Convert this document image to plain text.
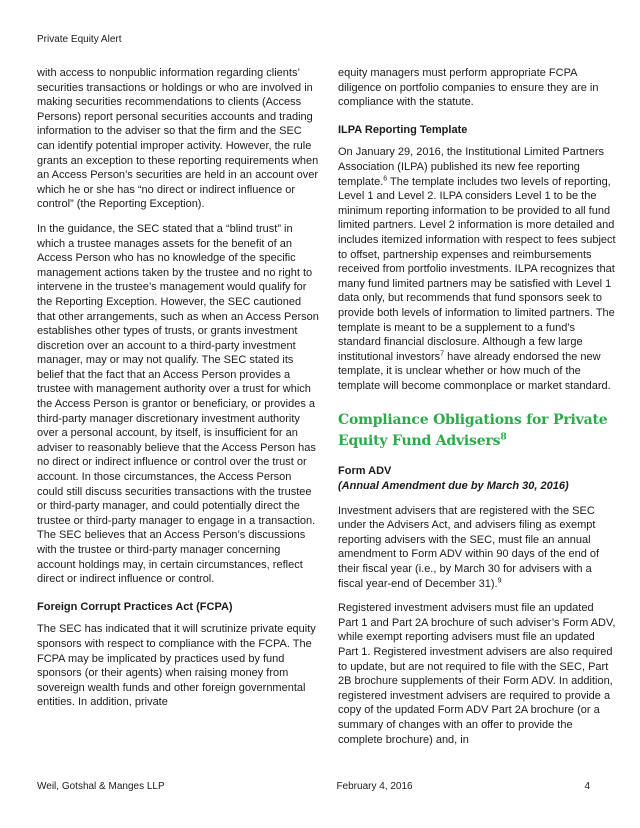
Private Equity Alert

with access to nonpublic information regarding clients’ securities transactions or holdings or who are involved in making securities recommendations to clients (Access Persons) report personal securities accounts and trading information to the adviser so that the firm and the SEC can identify potential improper activity. However, the rule grants an exception to these reporting requirements when an Access Person’s securities are held in an account over which he or she has “no direct or indirect influence or control” (the Reporting Exception).

In the guidance, the SEC stated that a “blind trust” in which a trustee manages assets for the benefit of an Access Person who has no knowledge of the specific management actions taken by the trustee and no right to intervene in the trustee’s management would qualify for the Reporting Exception. However, the SEC cautioned that other arrangements, such as when an Access Person establishes other types of trusts, or grants investment discretion over an account to a third-party investment manager, may or may not qualify. The SEC stated its belief that the fact that an Access Person provides a trustee with management authority over a trust for which the Access Person is grantor or beneficiary, or provides a third-party manager discretionary investment authority over a personal account, by itself, is insufficient for an adviser to reasonably believe that the Access Person has no direct or indirect influence or control over the trust or account. In those circumstances, the Access Person could still discuss securities transactions with the trustee or third-party manager, and could potentially direct the trustee or third-party manager to engage in a transaction. The SEC believes that an Access Person’s discussions with the trustee or third-party manager concerning account holdings may, in certain circumstances, reflect direct or indirect influence or control.

Foreign Corrupt Practices Act (FCPA)

The SEC has indicated that it will scrutinize private equity sponsors with respect to compliance with the FCPA. The FCPA may be implicated by practices used by fund sponsors (or their agents) when raising money from sovereign wealth funds and other foreign governmental entities. In addition, private

equity managers must perform appropriate FCPA diligence on portfolio companies to ensure they are in compliance with the statute.

ILPA Reporting Template

On January 29, 2016, the Institutional Limited Partners Association (ILPA) published its new fee reporting template.$^6$ The template includes two levels of reporting, Level 1 and Level 2. ILPA considers Level 1 to be the minimum reporting information to be provided to all fund limited partners. Level 2 information is more detailed and includes itemized information with respect to fees subject to offset, partnership expenses and reimbursements received from portfolio investments. ILPA recognizes that many fund limited partners may be satisfied with Level 1 data only, but recommends that fund sponsors seek to provide both levels of information to limited partners. The template is meant to be a supplement to a fund’s standard financial disclosure. Although a few large institutional investors$^7$ have already endorsed the new template, it is unclear whether or how much of the template will become commonplace or market standard.

Compliance Obligations for Private Equity Fund Advisers$^8$
Form ADV
(Annual Amendment due by March 30, 2016)

Investment advisers that are registered with the SEC under the Advisers Act, and advisers filing as exempt reporting advisers with the SEC, must file an annual amendment to Form ADV within 90 days of the end of their fiscal year (i.e., by March 30 for advisers with a fiscal year-end of December 31).$^9$

Registered investment advisers must file an updated Part 1 and Part 2A brochure of such adviser’s Form ADV, while exempt reporting advisers must file an updated Part 1. Registered investment advisers are also required to update, but are not required to file with the SEC, Part 2B brochure supplements of their Form ADV. In addition, registered investment advisers are required to provide a copy of the updated Form ADV Part 2A brochure (or a summary of changes with an offer to provide the complete brochure) and, in

Weil, Gotshal & Manges LLP	February 4, 2016	4
